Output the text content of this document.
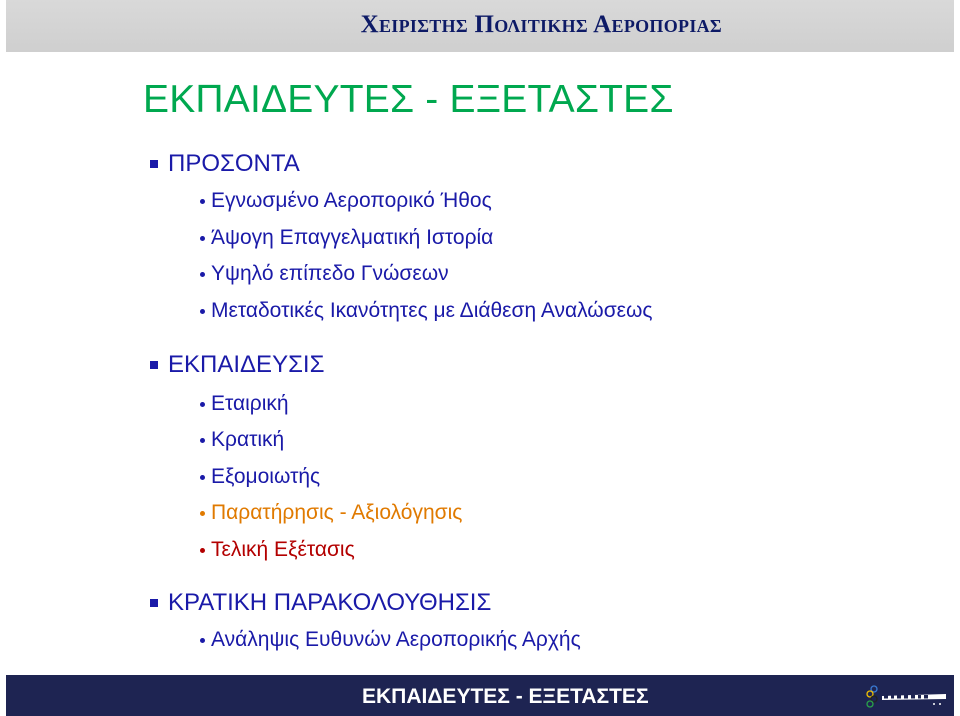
Χειριστησ Πολιτικησ Αεροποριασ
ΕΚΠΑΙΔΕΥΤΕΣ - ΕΞΕΤΑΣΤΕΣ
ΠΡΟΣΟΝΤΑ
Εγνωσμένο Αεροπορικό Ήθος
Άψογη Επαγγελματική Ιστορία
Υψηλό επίπεδο Γνώσεων
Μεταδοτικές Ικανότητες με Διάθεση Αναλώσεως
ΕΚΠΑΙΔΕΥΣΙΣ
Εταιρική
Κρατική
Εξομοιωτής
Παρατήρησις - Αξιολόγησις
Τελική Εξέτασις
ΚΡΑΤΙΚΗ ΠΑΡΑΚΟΛΟΥΘΗΣΙΣ
Ανάληψις Ευθυνών Αεροπορικής Αρχής
ΕΚΠΑΙΔΕΥΤΕΣ - ΕΞΕΤΑΣΤΕΣ
